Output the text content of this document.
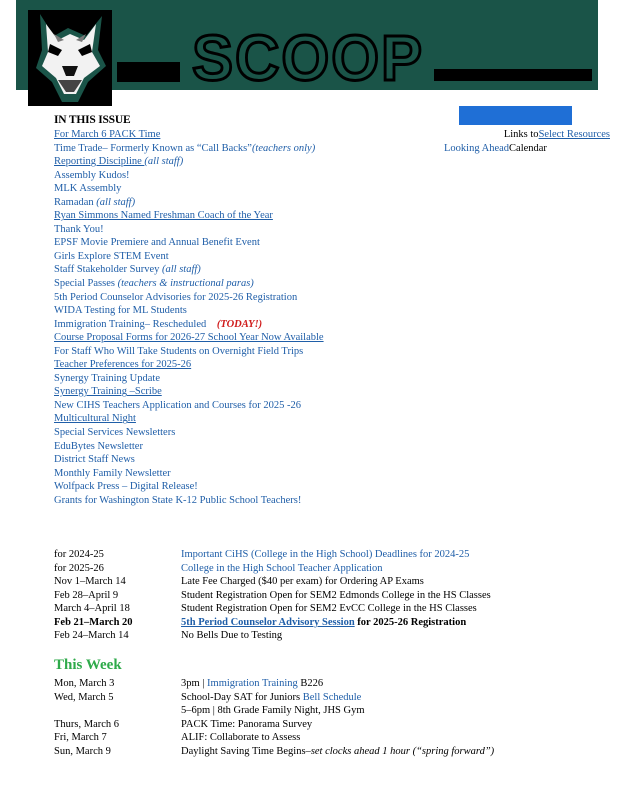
SCOOP
IN THIS ISSUE
Links to Select Resources
Looking Ahead Calendar
For March 6 PACK Time
Time Trade– Formerly Known as “Call Backs”(teachers only)
Reporting Discipline (all staff)
Assembly Kudos!
MLK Assembly
Ramadan (all staff)
Ryan Simmons Named Freshman Coach of the Year
Thank You!
EPSF Movie Premiere and Annual Benefit Event
Girls Explore STEM Event
Staff Stakeholder Survey (all staff)
Special Passes (teachers & instructional paras)
5th Period Counselor Advisories for 2025-26 Registration
WIDA Testing for ML Students
Immigration Training– Rescheduled (TODAY!)
Course Proposal Forms for 2026-27 School Year Now Available
For Staff Who Will Take Students on Overnight Field Trips
Teacher Preferences for 2025-26
Synergy Training Update
Synergy Training –Scribe
New CIHS Teachers Application and Courses for 2025 -26
Multicultural Night
Special Services Newsletters
EduBytes Newsletter
District Staff News
Monthly Family Newsletter
Wolfpack Press – Digital Release!
Grants for Washington State K-12 Public School Teachers!
for 2024-25	Important CiHS (College in the High School) Deadlines for 2024-25
for 2025-26	College in the High School Teacher Application
Nov 1–March 14	Late Fee Charged ($40 per exam) for Ordering AP Exams
Feb 28–April 9	Student Registration Open for SEM2 Edmonds College in the HS Classes
March 4–April 18	Student Registration Open for SEM2 EvCC College in the HS Classes
Feb 21–March 20	5th Period Counselor Advisory Session for 2025-26 Registration
Feb 24–March 14	No Bells Due to Testing
This Week
Mon, March 3	3pm | Immigration Training B226
Wed, March 5	School-Day SAT for Juniors Bell Schedule
5–6pm | 8th Grade Family Night, JHS Gym
Thurs, March 6	PACK Time: Panorama Survey
Fri, March 7	ALIF: Collaborate to Assess
Sun, March 9	Daylight Saving Time Begins–set clocks ahead 1 hour (“spring forward”)
